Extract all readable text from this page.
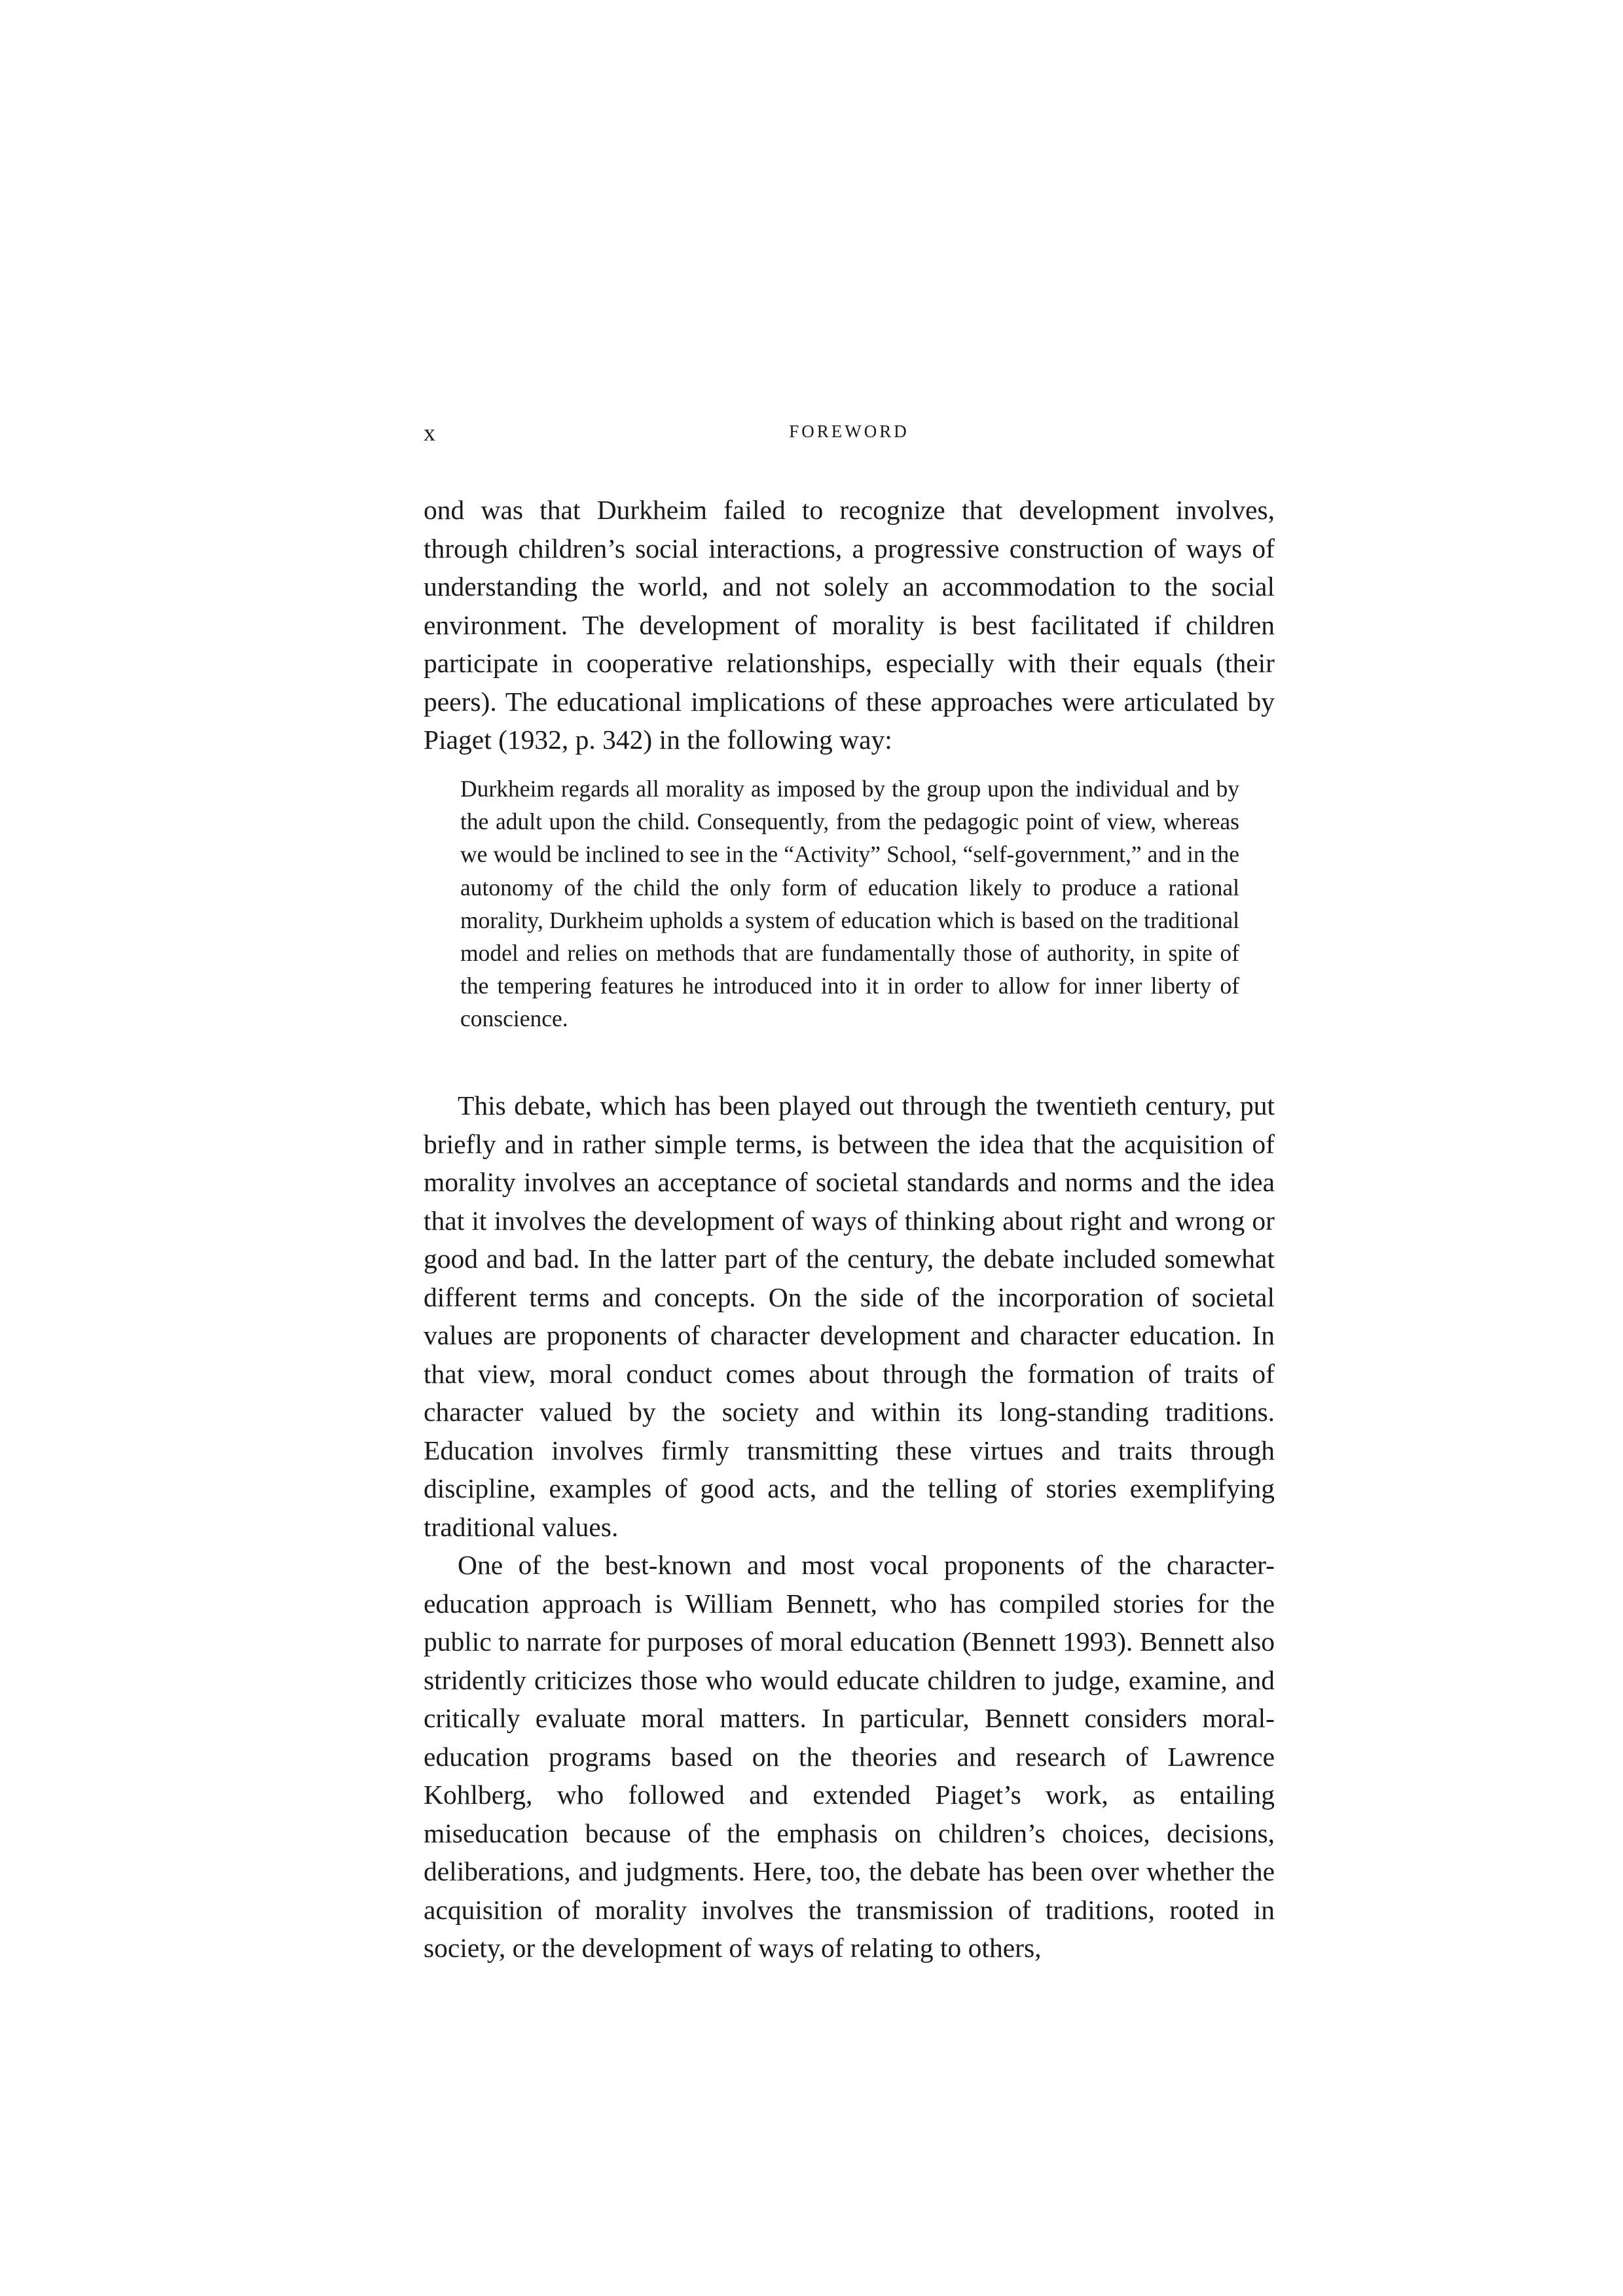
x	FOREWORD

ond was that Durkheim failed to recognize that development involves, through children’s social interactions, a progressive construction of ways of understanding the world, and not solely an accommodation to the social environment. The development of morality is best facilitated if children participate in cooperative relationships, especially with their equals (their peers). The educational implications of these approaches were articulated by Piaget (1932, p. 342) in the following way:

Durkheim regards all morality as imposed by the group upon the individual and by the adult upon the child. Consequently, from the pedagogic point of view, whereas we would be inclined to see in the “Activity” School, “self-government,” and in the autonomy of the child the only form of education likely to produce a rational morality, Durkheim upholds a system of education which is based on the traditional model and relies on methods that are fundamentally those of authority, in spite of the tempering features he introduced into it in order to allow for inner liberty of conscience.

This debate, which has been played out through the twentieth century, put briefly and in rather simple terms, is between the idea that the acquisition of morality involves an acceptance of societal standards and norms and the idea that it involves the development of ways of thinking about right and wrong or good and bad. In the latter part of the century, the debate included somewhat different terms and concepts. On the side of the incorporation of societal values are proponents of character development and character education. In that view, moral conduct comes about through the formation of traits of character valued by the society and within its long-standing traditions. Education involves firmly transmitting these virtues and traits through discipline, examples of good acts, and the telling of stories exemplifying traditional values.

One of the best-known and most vocal proponents of the character-education approach is William Bennett, who has compiled stories for the public to narrate for purposes of moral education (Bennett 1993). Bennett also stridently criticizes those who would educate children to judge, examine, and critically evaluate moral matters. In particular, Bennett considers moral-education programs based on the theories and research of Lawrence Kohlberg, who followed and extended Piaget’s work, as entailing miseducation because of the emphasis on children’s choices, decisions, deliberations, and judgments. Here, too, the debate has been over whether the acquisition of morality involves the transmission of traditions, rooted in society, or the development of ways of relating to others,
